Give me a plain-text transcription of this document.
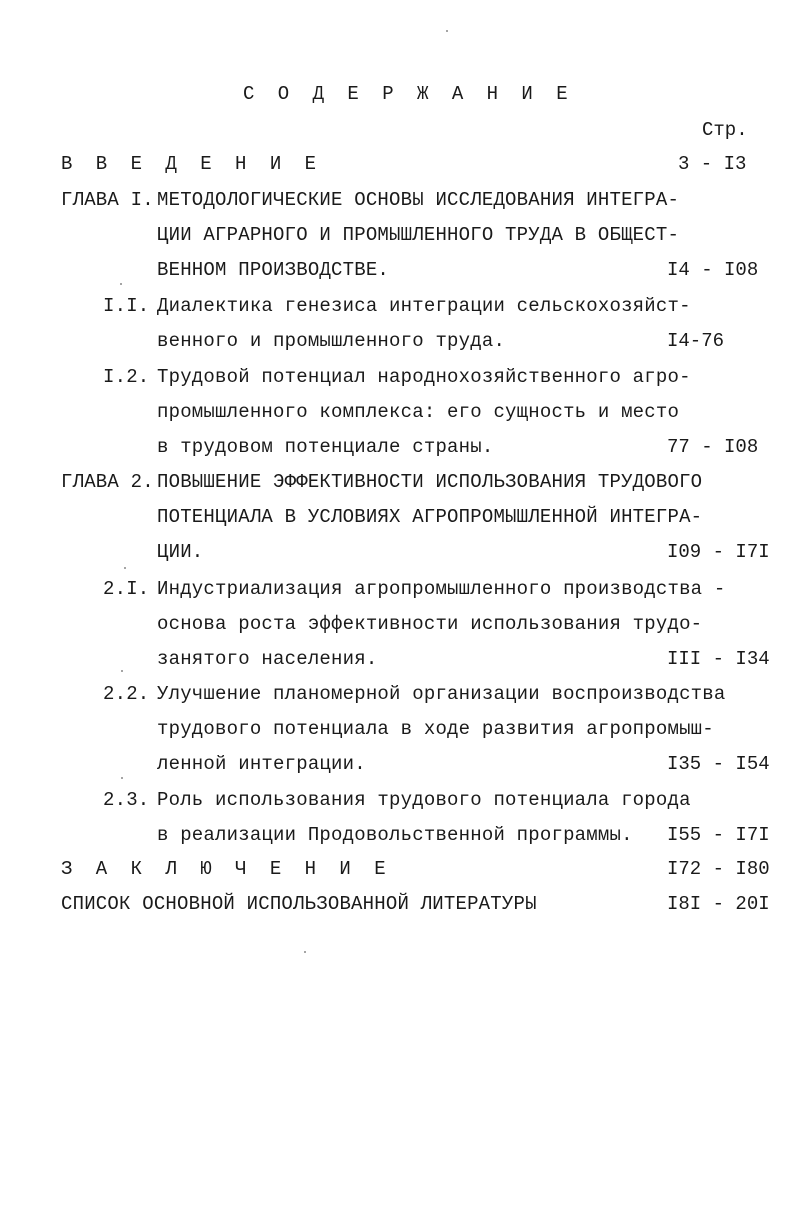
С О Д Е Р Ж А Н И Е
Стр.
В В Е Д Е Н И Е	3 - I3
ГЛАВА I. МЕТОДОЛОГИЧЕСКИЕ ОСНОВЫ ИССЛЕДОВАНИЯ ИНТЕГРА-
ЦИИ АГРАРНОГО И ПРОМЫШЛЕННОГО ТРУДА В ОБЩЕСТ-
ВЕННОМ ПРОИЗВОДСТВЕ.	I4 - I08
I.I. Диалектика генезиса интеграции сельскохозяйст-
венного и промышленного труда.	I4-76
I.2. Трудовой потенциал народнохозяйственного агро-
промышленного комплекса: его сущность и место
в трудовом потенциале страны.	77 - I08
ГЛАВА 2. ПОВЫШЕНИЕ ЭФФЕКТИВНОСТИ ИСПОЛЬЗОВАНИЯ ТРУДОВОГО
ПОТЕНЦИАЛА В УСЛОВИЯХ АГРОПРОМЫШЛЕННОЙ ИНТЕГРА-
ЦИИ.	I09 - I7I
2.I. Индустриализация агропромышленного производства -
основа роста эффективности использования трудо-
занятого населения.	III - I34
2.2. Улучшение планомерной организации воспроизводства
трудового потенциала в ходе развития агропромыш-
ленной интеграции.	I35 - I54
2.3. Роль использования трудового потенциала города
в реализации Продовольственной программы. I55 - I7I
З А К Л Ю Ч Е Н И Е	I72 - I80
СПИСОК ОСНОВНОЙ ИСПОЛЬЗОВАННОЙ ЛИТЕРАТУРЫ	I8I - 20I
